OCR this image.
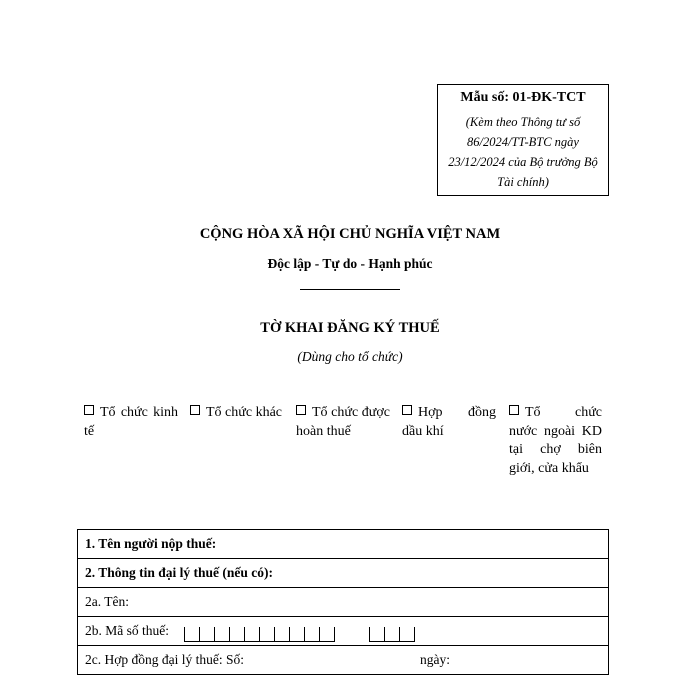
Mẫu số: 01-ĐK-TCT
(Kèm theo Thông tư số 86/2024/TT-BTC ngày 23/12/2024 của Bộ trưởng Bộ Tài chính)
CỘNG HÒA XÃ HỘI CHỦ NGHĨA VIỆT NAM
Độc lập - Tự do - Hạnh phúc
TỜ KHAI ĐĂNG KÝ THUẾ
(Dùng cho tổ chức)
Tổ chức kinh tế
Tổ chức khác	Tổ chức được hoàn thuế
Hợp đồng dầu khí
Tổ chức nước ngoài KD tại chợ biên giới, cửa khẩu
1. Tên người nộp thuế:
2. Thông tin đại lý thuế (nếu có):
2a. Tên:
2b. Mã số thuế:
2c. Hợp đồng đại lý thuế: Số:	ngày:
